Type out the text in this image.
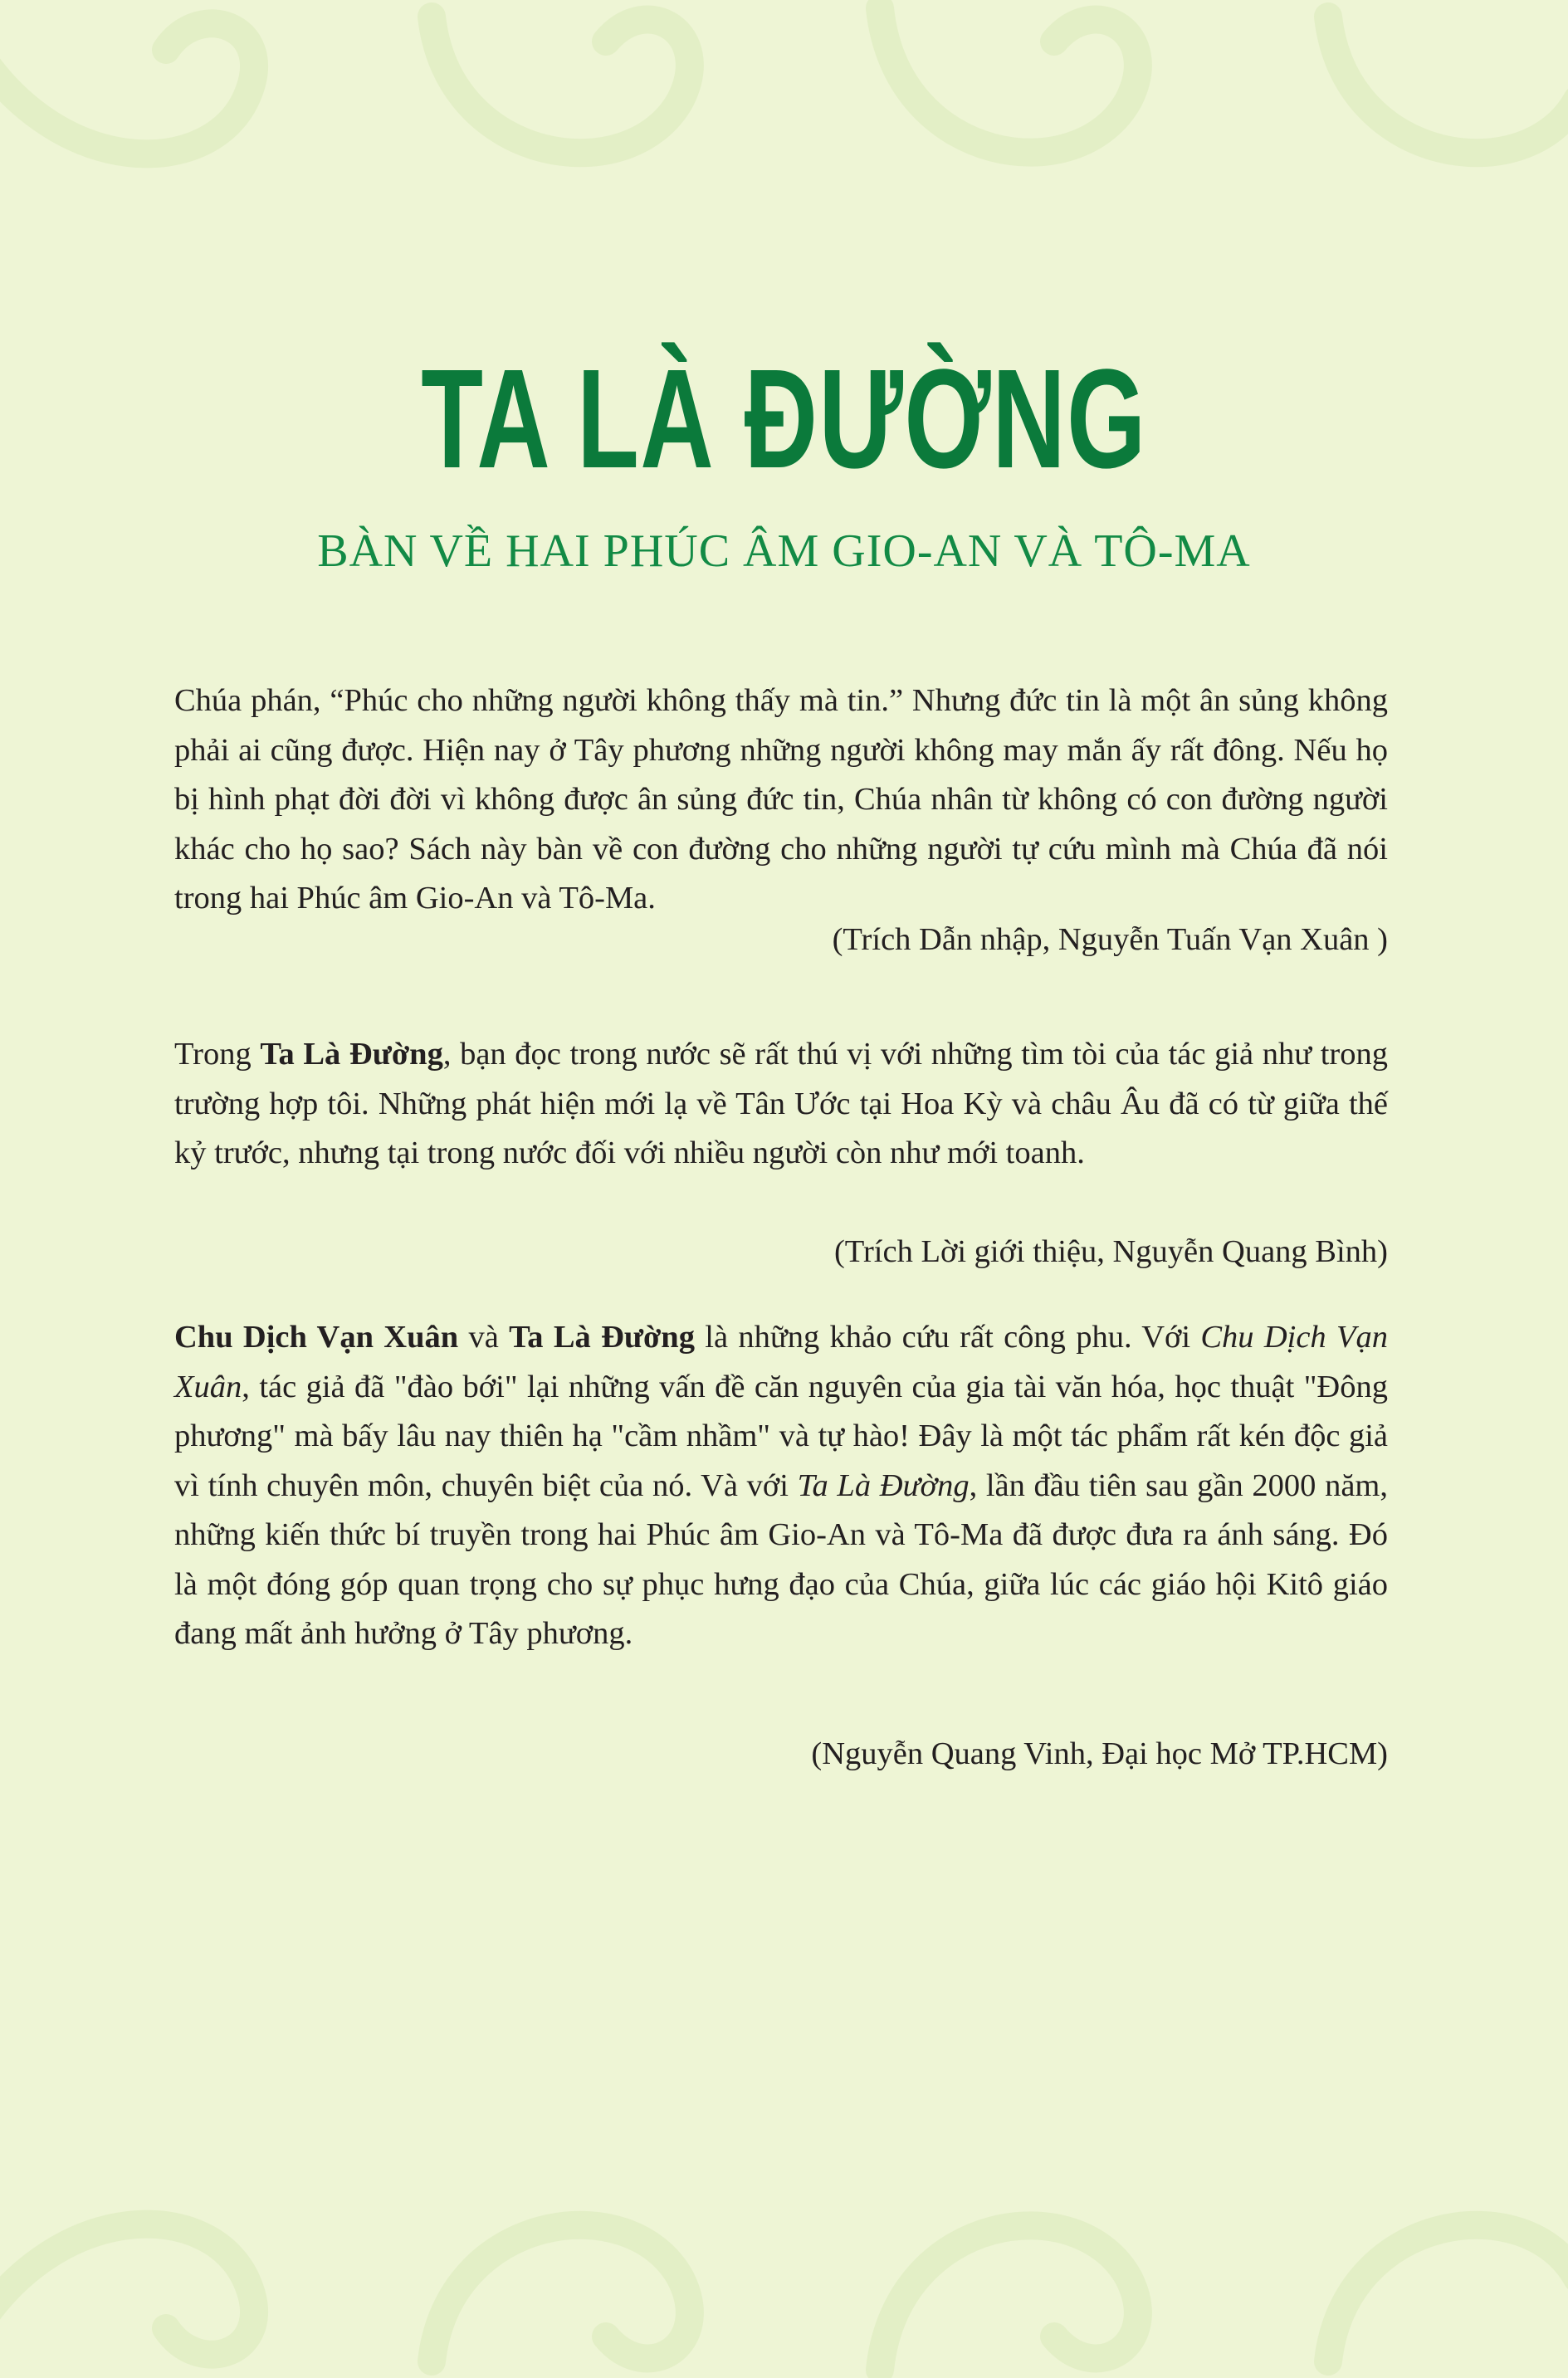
TA LÀ ĐƯỜNG
BÀN VỀ HAI PHÚC ÂM GIO-AN VÀ TÔ-MA
Chúa phán, “Phúc cho những người không thấy mà tin.” Nhưng đức tin là một ân sủng không phải ai cũng được. Hiện nay ở Tây phương những người không may mắn ấy rất đông. Nếu họ bị hình phạt đời đời vì không được ân sủng đức tin, Chúa nhân từ không có con đường người khác cho họ sao? Sách này bàn về con đường cho những người tự cứu mình mà Chúa đã nói trong hai Phúc âm Gio-An và Tô-Ma.
(Trích Dẫn nhập, Nguyễn Tuấn Vạn Xuân )
Trong Ta Là Đường, bạn đọc trong nước sẽ rất thú vị với những tìm tòi của tác giả như trong trường hợp tôi. Những phát hiện mới lạ về Tân Ước tại Hoa Kỳ và châu Âu đã có từ giữa thế kỷ trước, nhưng tại trong nước đối với nhiều người còn như mới toanh.
(Trích Lời giới thiệu, Nguyễn Quang Bình)
Chu Dịch Vạn Xuân và Ta Là Đường là những khảo cứu rất công phu. Với Chu Dịch Vạn Xuân, tác giả đã "đào bới" lại những vấn đề căn nguyên của gia tài văn hóa, học thuật "Đông phương" mà bấy lâu nay thiên hạ "cầm nhầm" và tự hào! Đây là một tác phẩm rất kén độc giả vì tính chuyên môn, chuyên biệt của nó. Và với Ta Là Đường, lần đầu tiên sau gần 2000 năm, những kiến thức bí truyền trong hai Phúc âm Gio-An và Tô-Ma đã được đưa ra ánh sáng. Đó là một đóng góp quan trọng cho sự phục hưng đạo của Chúa, giữa lúc các giáo hội Kitô giáo đang mất ảnh hưởng ở Tây phương.
(Nguyễn Quang Vinh, Đại học Mở TP.HCM)
